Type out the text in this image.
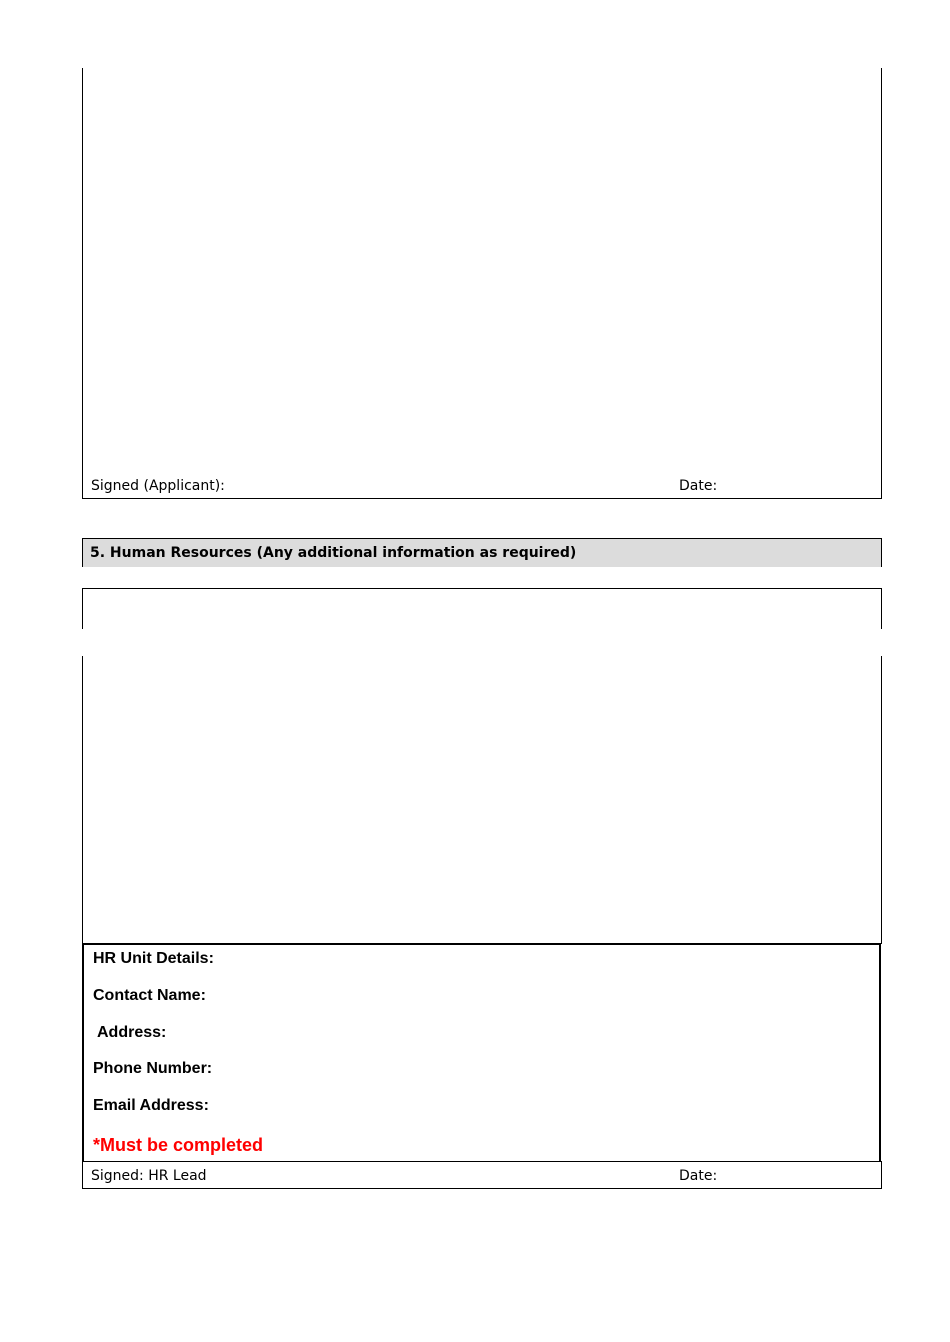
Signed (Applicant):	Date:
5. Human Resources (Any additional information as required)
HR Unit Details:
Contact Name:
Address:
Phone Number:
Email Address:
*Must be completed
Signed: HR Lead	Date:
